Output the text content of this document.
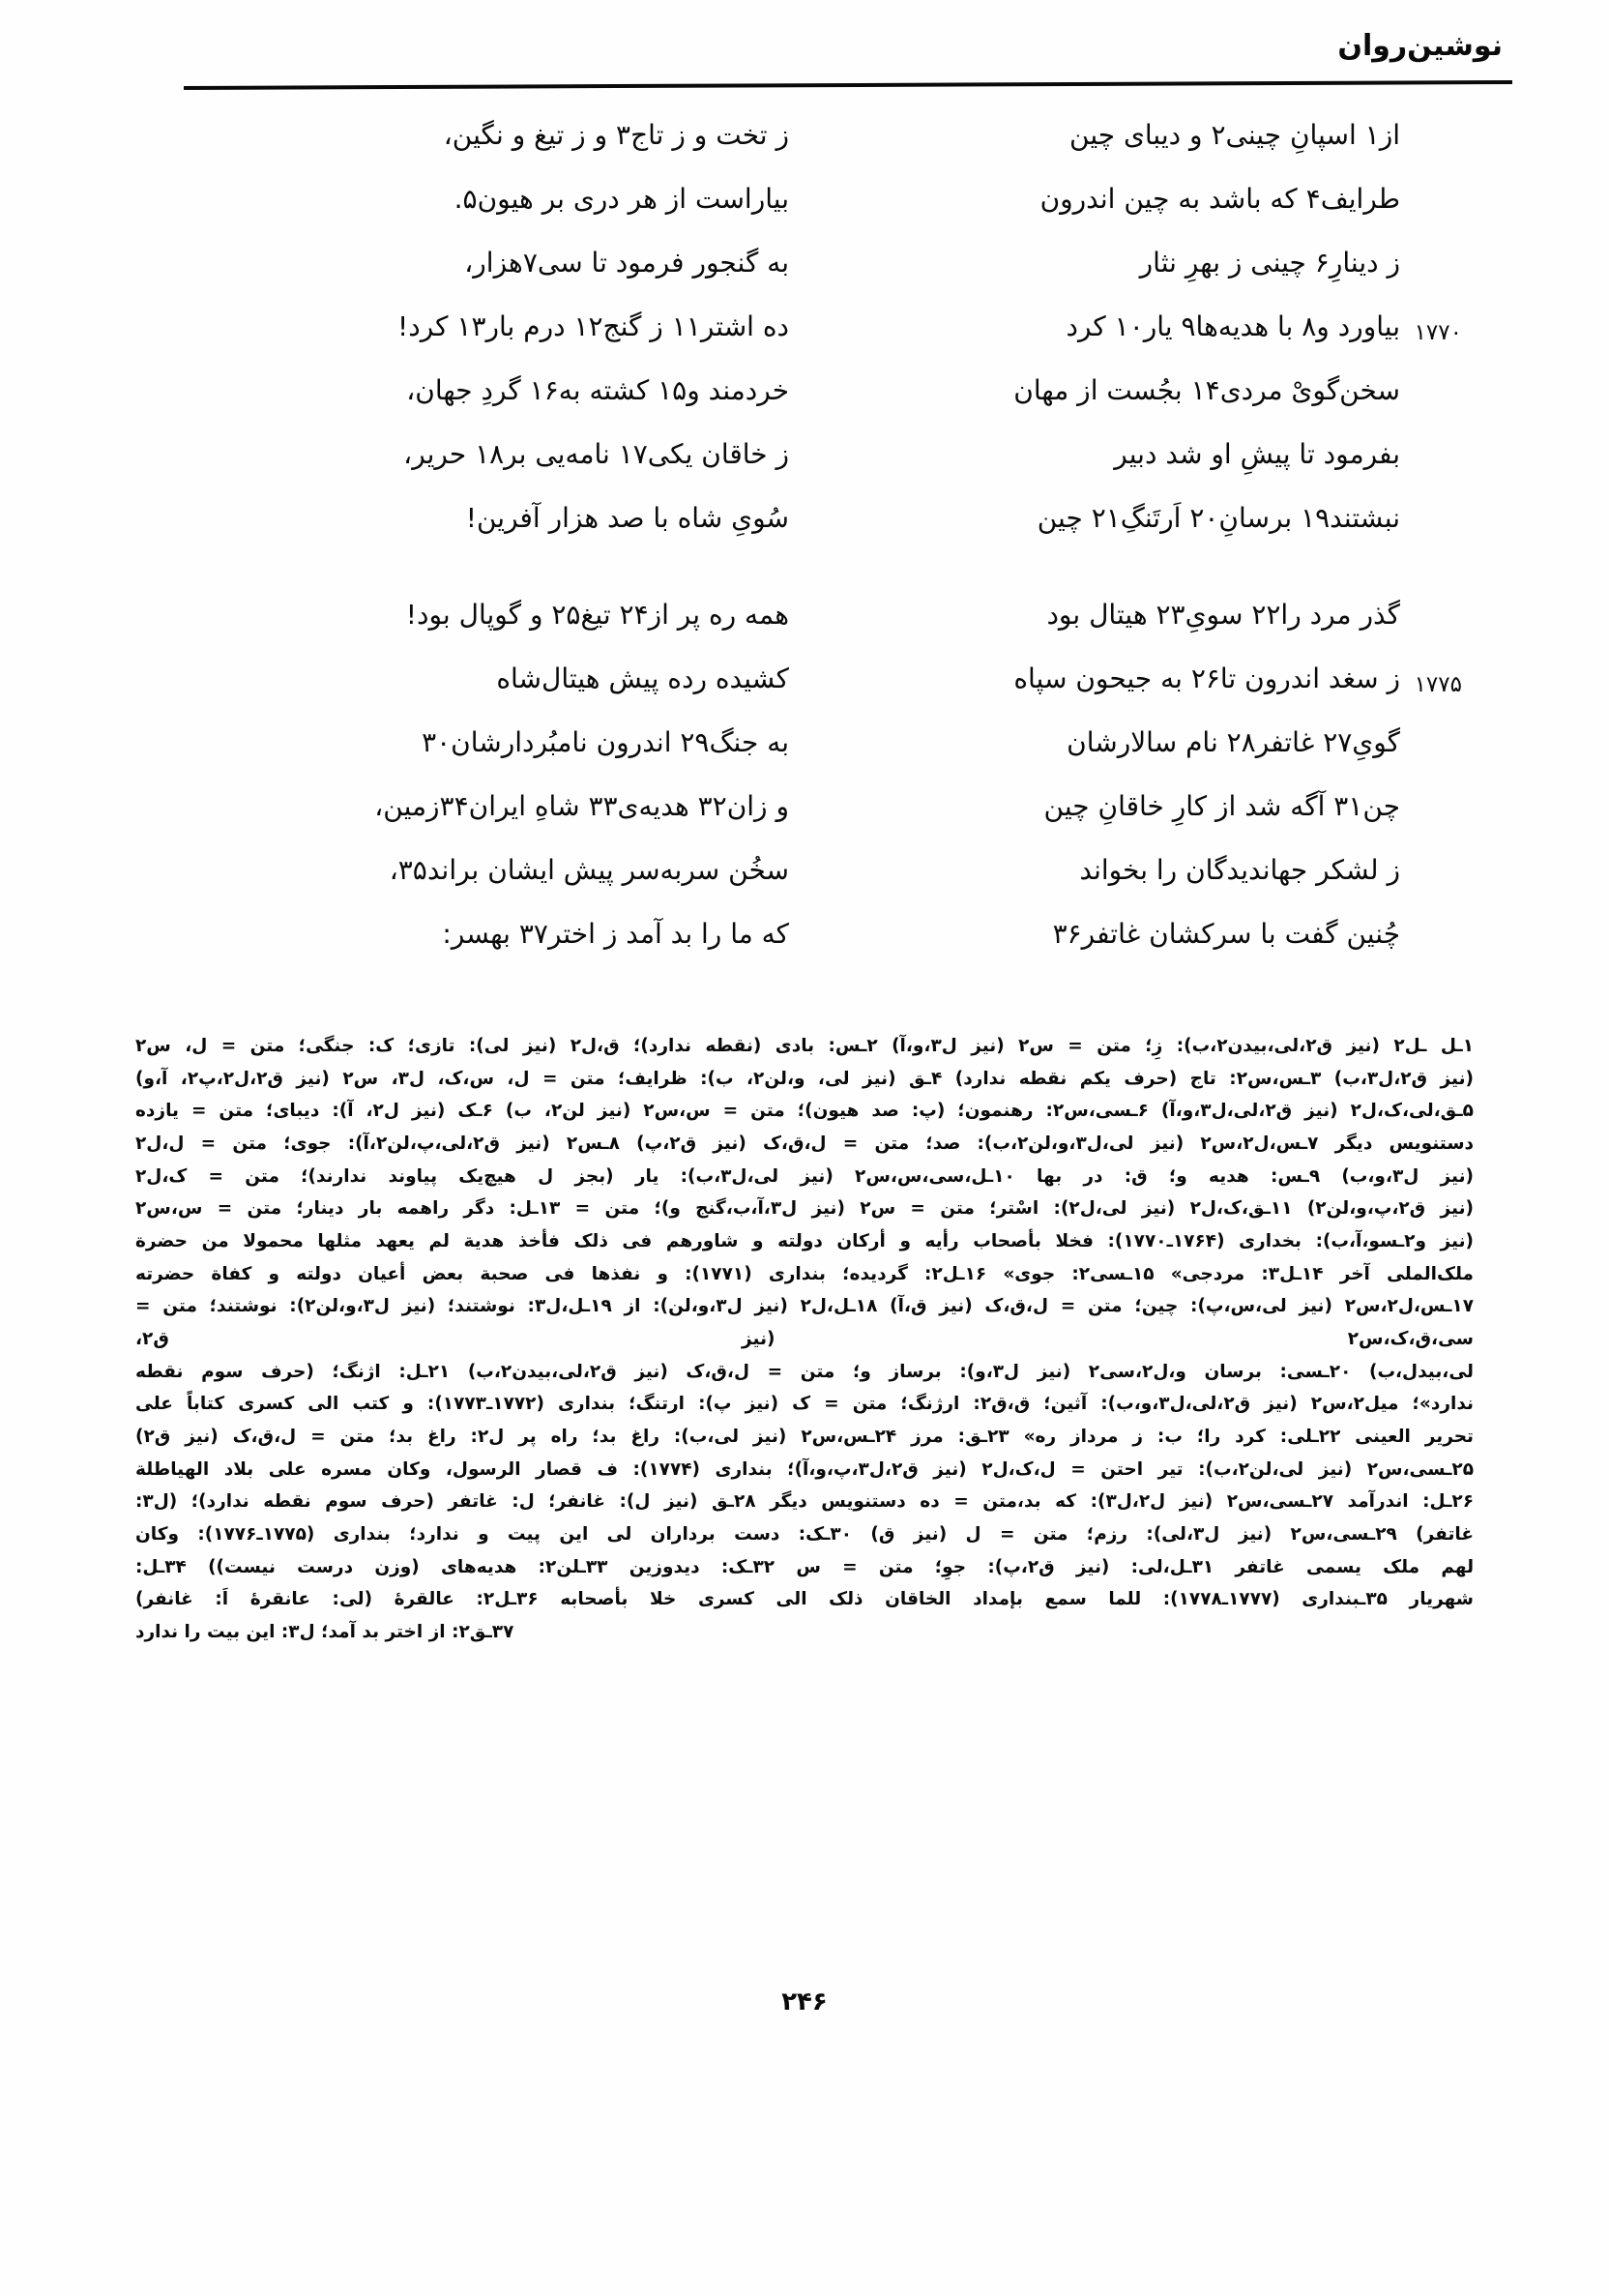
نوشین‌روان
از۱ اسپانِ چینی۲ و دیبای چین
ز تخت و ز تاج۳ و ز تیغ و نگین،
طرایف۴ که باشد به چین اندرون
بیاراست از هر دری بر هیون۵.
ز دینارِ۶ چینی ز بهرِ نثار
به گنجور فرمود تا سی۷هزار،
بیاورد و۸ با هدیه‌ها۹ یار۱۰ کرد ۱۷۷۰
ده اشتر۱۱ ز گنج۱۲ درم بار۱۳ کرد!
سخن‌گویْ مردی۱۴ بجُست از مهان
خردمند و۱۵ کشته به۱۶ گردِ جهان،
بفرمود تا پیشِ او شد دبیر
ز خاقان یکی۱۷ نامه‌یی بر۱۸ حریر،
نبشتند۱۹ برسانِ۲۰ اَرتَنگِ۲۱ چین
سُویِ شاه با صد هزار آفرین!
گذر مرد را۲۲ سویِ۲۳ هیتال بود
همه ره پر از۲۴ تیغ۲۵ و گوپال بود!
ز سغد اندرون تا۲۶ به جیحون سپاه ۱۷۷۵
کشیده رده پیش هیتال‌شاه
گویِ۲۷ غاتفر۲۸ نام سالارشان
به جنگ۲۹ اندرون نامبُردارشان۳۰
چن۳۱ آگه شد از کارِ خاقانِ چین
و زان۳۲ هدیه‌ی۳۳ شاهِ ایران۳۴زمین،
ز لشکر جهاندیدگان را بخواند
سخُن سربه‌سر پیش ایشان براند۳۵،
چُنین گفت با سرکشان غاتفر۳۶
که ما را بد آمد ز اختر۳۷ بهسر:

۱ـل ـل۲ (نیز ق۲،لی،بیدن۲،ب): زِ؛ متن = س۲ (نیز ل۳،و،آ) ۲ـس: بادی (نقطه ندارد)؛ ق،ل۲ (نیز لی): تازی؛ ک: جنگی؛ متن = ل، س۲

(نیز ق۲،ل۳،ب) ۳ـس،س۲: تاج (حرف یکم نقطه ندارد) ۴ـق (نیز لی، و،لن۲، ب): ظرایف؛ متن = ل، س،ک، ل۳، س۲ (نیز ق۲،ل۲،پ۲، آ،و)

۵ـق،لی،ک،ل۲ (نیز ق۲،لی،ل۳،و،آ) ۶ـسی،س۲: رهنمون؛ (پ: صد هیون)؛ متن = س،س۲ (نیز لن۲، ب) ۶ـک (نیز ل۲، آ): دیبای؛ متن = یازده

دستنویس دیگر ۷ـس،ل۲،س۲ (نیز لی،ل۳،و،لن۲،ب): صد؛ متن = ل،ق،ک (نیز ق۲،پ) ۸ـس۲ (نیز ق۲،لی،پ،لن۲،آ): جوی؛ متن = ل،ل۲

(نیز ل۳،و،ب) ۹ـس: هدیه و؛ ق: در بها ۱۰ـل،سی،س،س۲ (نیز لی،ل۳،ب): یار (بجز ل هیچ‌یک پیاوند ندارند)؛ متن = ک،ل۲

(نیز ق۲،پ،و،لن۲) ۱۱ـق،ک،ل۲ (نیز لی،ل۲): اسْتر؛ متن = س۲ (نیز ل۳،آ،ب،گنج و)؛ متن = ۱۳ـل: دگر راهمه بار دینار؛ متن = س،س۲

(نیز و۲ـسو،آ،ب): بخداری (۱۷۶۴ـ۱۷۷۰): فخلا بأصحاب رأیه و أرکان دولته و شاورهم فی ذلک فأخذ هدیة لم یعهد مثلها محمولا من حضرة

ملک‌الملی آخر ۱۴ـل۳: مردجی» ۱۵ـسی۲: جوی» ۱۶ـل۲: گردیده؛ بنداری (۱۷۷۱): و نفذها فی صحبة بعض أعیان دولته و کفاة حضرته

۱۷ـس،ل۲،س۲ (نیز لی،س،پ): چین؛ متن = ل،ق،ک (نیز ق،آ) ۱۸ـل،ل۲ (نیز ل۳،و،لن): از ۱۹ـل،ل۳: نوشتند؛ (نیز ل۳،و،لن۲): نوشتند؛ متن = سی،ق،ک،س۲ (نیز ق۲،

لی،بیدل،ب) ۲۰ـسی: برسان و،ل۲،سی۲ (نیز ل۳،و): برساز و؛ متن = ل،ق،ک (نیز ق۲،لی،بیدن۲،ب) ۲۱ـل: اژنگ؛ (حرف سوم نقطه

ندارد»؛ میل۲،س۲ (نیز ق۲،لی،ل۳،و،ب): آثین؛ ق،ق۲: ارژنگ؛ متن = ک (نیز پ): ارتنگ؛ بنداری (۱۷۷۲ـ۱۷۷۳): و کتب الی کسری کتاباً علی

تحریر العینی ۲۲ـلی: کرد را؛ ب: ز مرداز ره» ۲۳ـق: مرز ۲۴ـس،س۲ (نیز لی،ب): راغ بد؛ راه پر ل۲: راغ بد؛ متن = ل،ق،ک (نیز ق۲)

۲۵ـسی،س۲ (نیز لی،لن۲،ب): تیر احتن = ل،ک،ل۲ (نیز ق۲،ل۳،پ،و،آ)؛ بنداری (۱۷۷۴): ف قصار الرسول، وکان مسره علی بلاد الهیاطلة

۲۶ـل: اندرآمد ۲۷ـسی،س۲ (نیز ل۲،ل۳): که بد،متن = ده دستنویس دیگر ۲۸ـق (نیز ل): غانفر؛ ل: غاتفر (حرف سوم نقطه ندارد)؛ (ل۳:

غاتفر) ۲۹ـسی،س۲ (نیز ل۳،لی): رزم؛ متن = ل (نیز ق) ۳۰ـک: دست برداران لی این پیت و ندارد؛ بنداری (۱۷۷۵ـ۱۷۷۶): وکان

لهم ملک یسمی غاتفر ۳۱ـل،لی: (نیز ق۲،پ): جوِ؛ متن = س ۳۲ـک: دیدوزین ۳۳ـلن۲: هدیه‌های (وزن درست نیست)) ۳۴ـل:

شهریار ۳۵ـبنداری (۱۷۷۷ـ۱۷۷۸): للما سمع بإمداد الخاقان ذلک الی کسری خلا بأصحابه ۳۶ـل۲: عالقرۀ (لی: عانقرۀ اَ: غانفر)

۳۷ـق۲: از اختر بد آمد؛ ل۳: این بیت را ندارد

۲۴۶
